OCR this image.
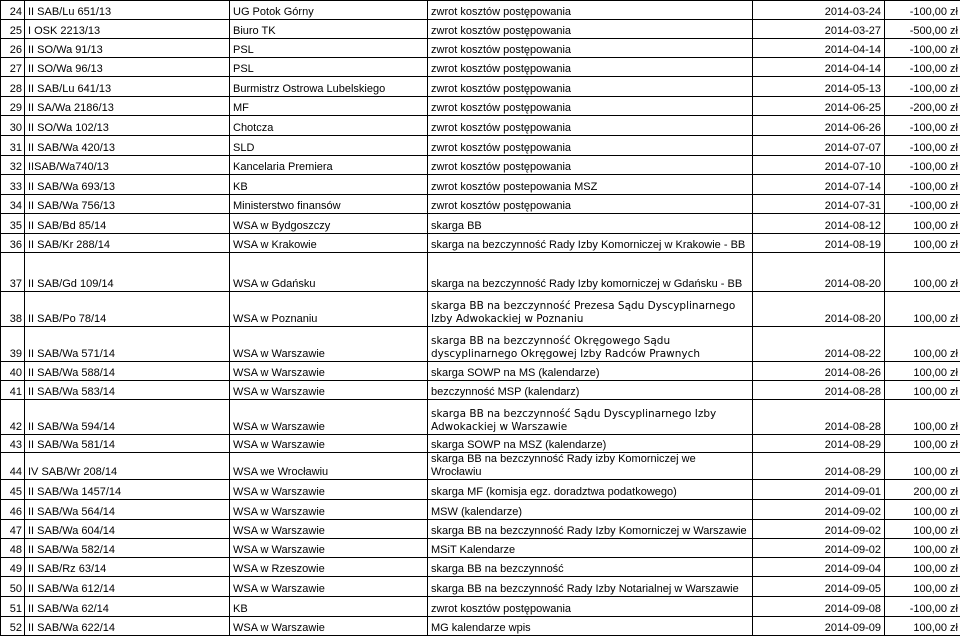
24	II SAB/Lu 651/13	UG Potok Górny	zwrot kosztów postępowania	2014-03-24	-100,00 zł
25	I OSK 2213/13	Biuro TK	zwrot kosztów postępowania	2014-03-27	-500,00 zł
26	II SO/Wa 91/13	PSL	zwrot kosztów postępowania	2014-04-14	-100,00 zł
27	II SO/Wa 96/13	PSL	zwrot kosztów postępowania	2014-04-14	-100,00 zł
28	II SAB/Lu 641/13	Burmistrz Ostrowa Lubelskiego	zwrot kosztów postępowania	2014-05-13	-100,00 zł
29	II SA/Wa 2186/13	MF	zwrot kosztów postępowania	2014-06-25	-200,00 zł
30	II SO/Wa 102/13	Chotcza	zwrot kosztów postępowania	2014-06-26	-100,00 zł
31	II SAB/Wa 420/13	SLD	zwrot kosztów postępowania	2014-07-07	-100,00 zł
32	IISAB/Wa740/13	Kancelaria Premiera	zwrot kosztów postępowania	2014-07-10	-100,00 zł
33	II SAB/Wa 693/13	KB	zwrot kosztów postepowania MSZ	2014-07-14	-100,00 zł
34	II SAB/Wa 756/13	Ministerstwo finansów	zwrot kosztów postępowania	2014-07-31	-100,00 zł
35	II SAB/Bd 85/14	WSA w Bydgoszczy	skarga BB	2014-08-12	100,00 zł
36	II SAB/Kr 288/14	WSA w Krakowie	skarga na bezczynność Rady Izby Komorniczej w Krakowie - BB	2014-08-19	100,00 zł
37	II SAB/Gd 109/14	WSA w Gdańsku	skarga na bezczynność Rady Izby komorniczej w Gdańsku - BB	2014-08-20	100,00 zł
38	II SAB/Po 78/14	WSA w Poznaniu	skarga BB na bezczynność Prezesa Sądu Dyscyplinarnego Izby Adwokackiej w Poznaniu	2014-08-20	100,00 zł
39	II SAB/Wa 571/14	WSA w Warszawie	skarga BB na bezczynność Okręgowego Sądu dyscyplinarnego Okręgowej Izby Radców Prawnych	2014-08-22	100,00 zł
40	II SAB/Wa 588/14	WSA w Warszawie	skarga SOWP na MS (kalendarze)	2014-08-26	100,00 zł
41	II SAB/Wa 583/14	WSA w Warszawie	bezczynność MSP (kalendarz)	2014-08-28	100,00 zł
42	II SAB/Wa 594/14	WSA w Warszawie	skarga BB na bezczynność Sądu Dyscyplinarnego Izby Adwokackiej w Warszawie	2014-08-28	100,00 zł
43	II SAB/Wa 581/14	WSA w Warszawie	skarga SOWP na MSZ (kalendarze)	2014-08-29	100,00 zł
44	IV SAB/Wr 208/14	WSA we Wrocławiu	skarga BB na bezczynność Rady izby Komorniczej we Wrocławiu	2014-08-29	100,00 zł
45	II SAB/Wa 1457/14	WSA w Warszawie	skarga MF (komisja egz. doradztwa podatkowego)	2014-09-01	200,00 zł
46	II SAB/Wa 564/14	WSA w Warszawie	MSW (kalendarze)	2014-09-02	100,00 zł
47	II SAB/Wa 604/14	WSA w Warszawie	skarga BB na bezczynność Rady Izby Komorniczej w Warszawie	2014-09-02	100,00 zł
48	II SAB/Wa 582/14	WSA w Warszawie	MSiT Kalendarze	2014-09-02	100,00 zł
49	II SAB/Rz 63/14	WSA w Rzeszowie	skarga BB na bezczynność	2014-09-04	100,00 zł
50	II SAB/Wa 612/14	WSA w Warszawie	skarga BB na bezczynność Rady Izby Notarialnej w Warszawie	2014-09-05	100,00 zł
51	II SAB/Wa 62/14	KB	zwrot kosztów postępowania	2014-09-08	-100,00 zł
52	II SAB/Wa 622/14	WSA w Warszawie	MG kalendarze wpis	2014-09-09	100,00 zł
